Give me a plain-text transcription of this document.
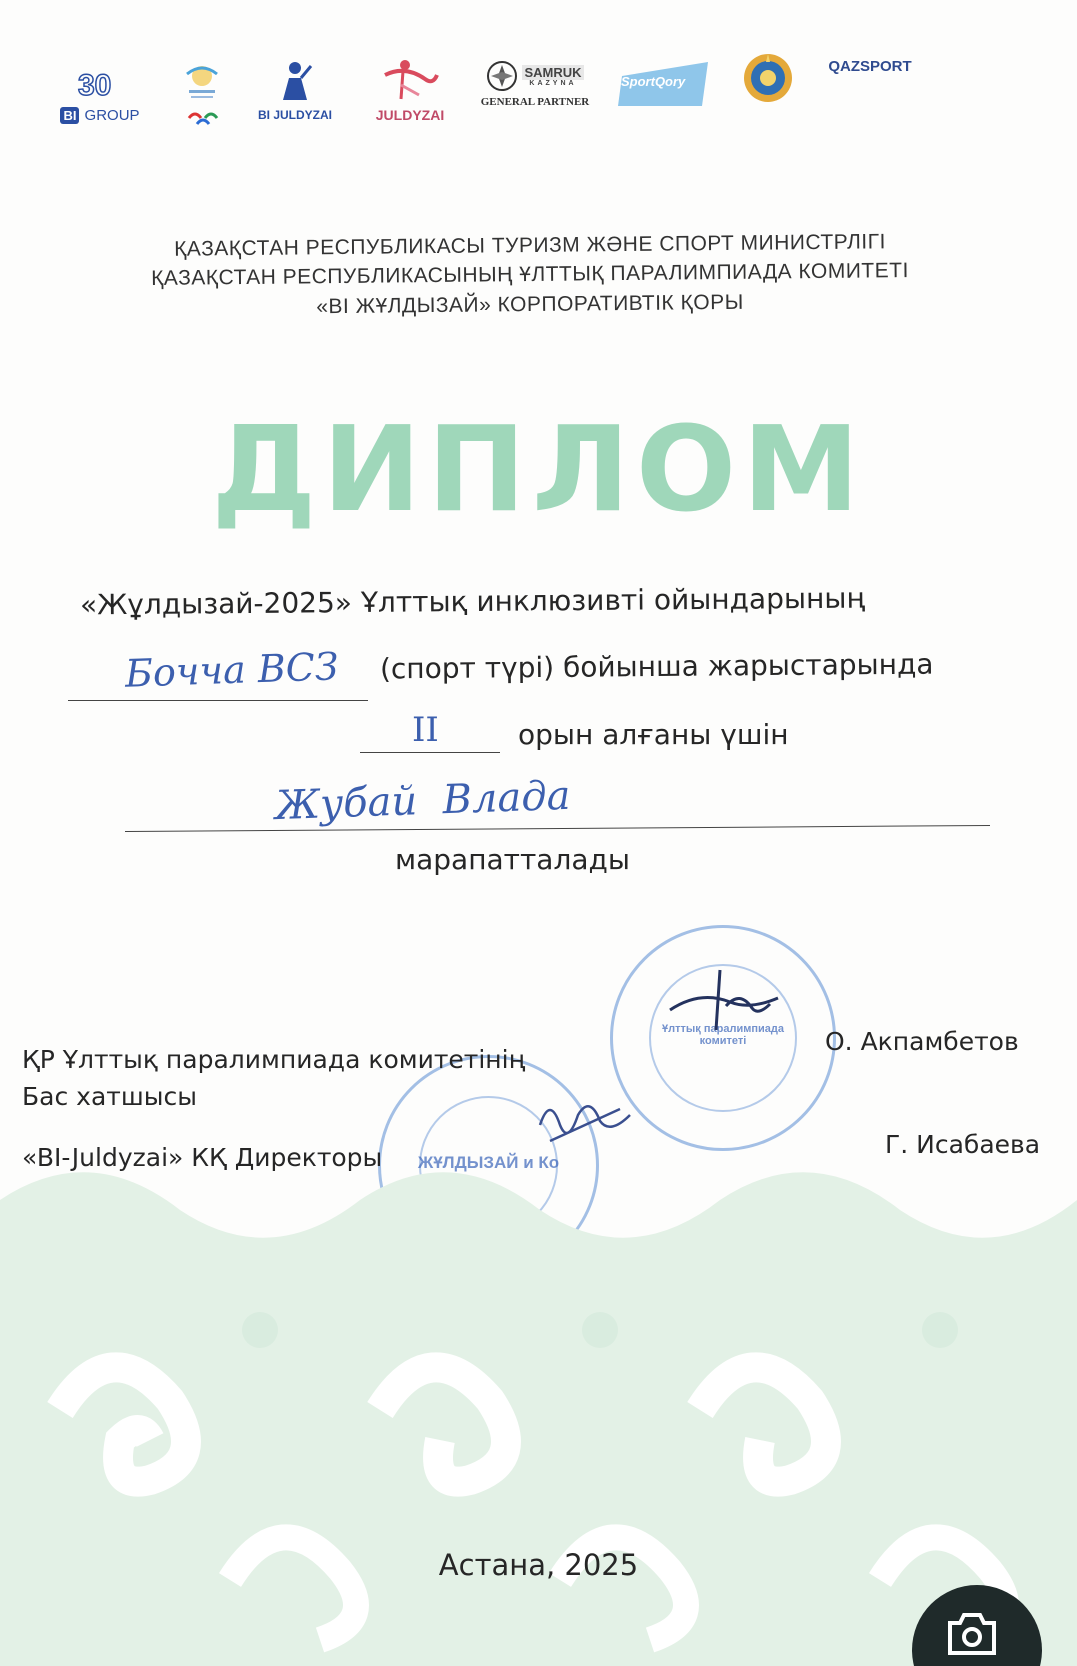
30
BI GROUP	BI JULDYZAI	JULDYZAI
SAMRUK
KAZYNA
GENERAL PARTNER
SportQory
QAZSPORT
ҚАЗАҚСТАН РЕСПУБЛИКАСЫ ТУРИЗМ ЖӘНЕ СПОРТ МИНИСТРЛІГІ
ҚАЗАҚСТАН РЕСПУБЛИКАСЫНЫҢ ҰЛТТЫҚ ПАРАЛИМПИАДА КОМИТЕТІ
«BI ЖҰЛДЫЗАЙ» КОРПОРАТИВТІК ҚОРЫ
ДИПЛОМ
«Жұлдызай-2025» Ұлттық инклюзивті ойындарының
Бочча ВСЗ (спорт түрі) бойынша жарыстарында
II	орын алғаны үшін
Жубай  Влада
марапатталады
Ұлттық паралимпиада комитеті
ЖҰЛДЫЗАЙ и Ко
ҚР Ұлттық паралимпиада комитетінің
Бас хатшысы
О. Акпамбетов
«BI-Juldyzai» КҚ Директоры	Г. Исабаева
Астана, 2025
